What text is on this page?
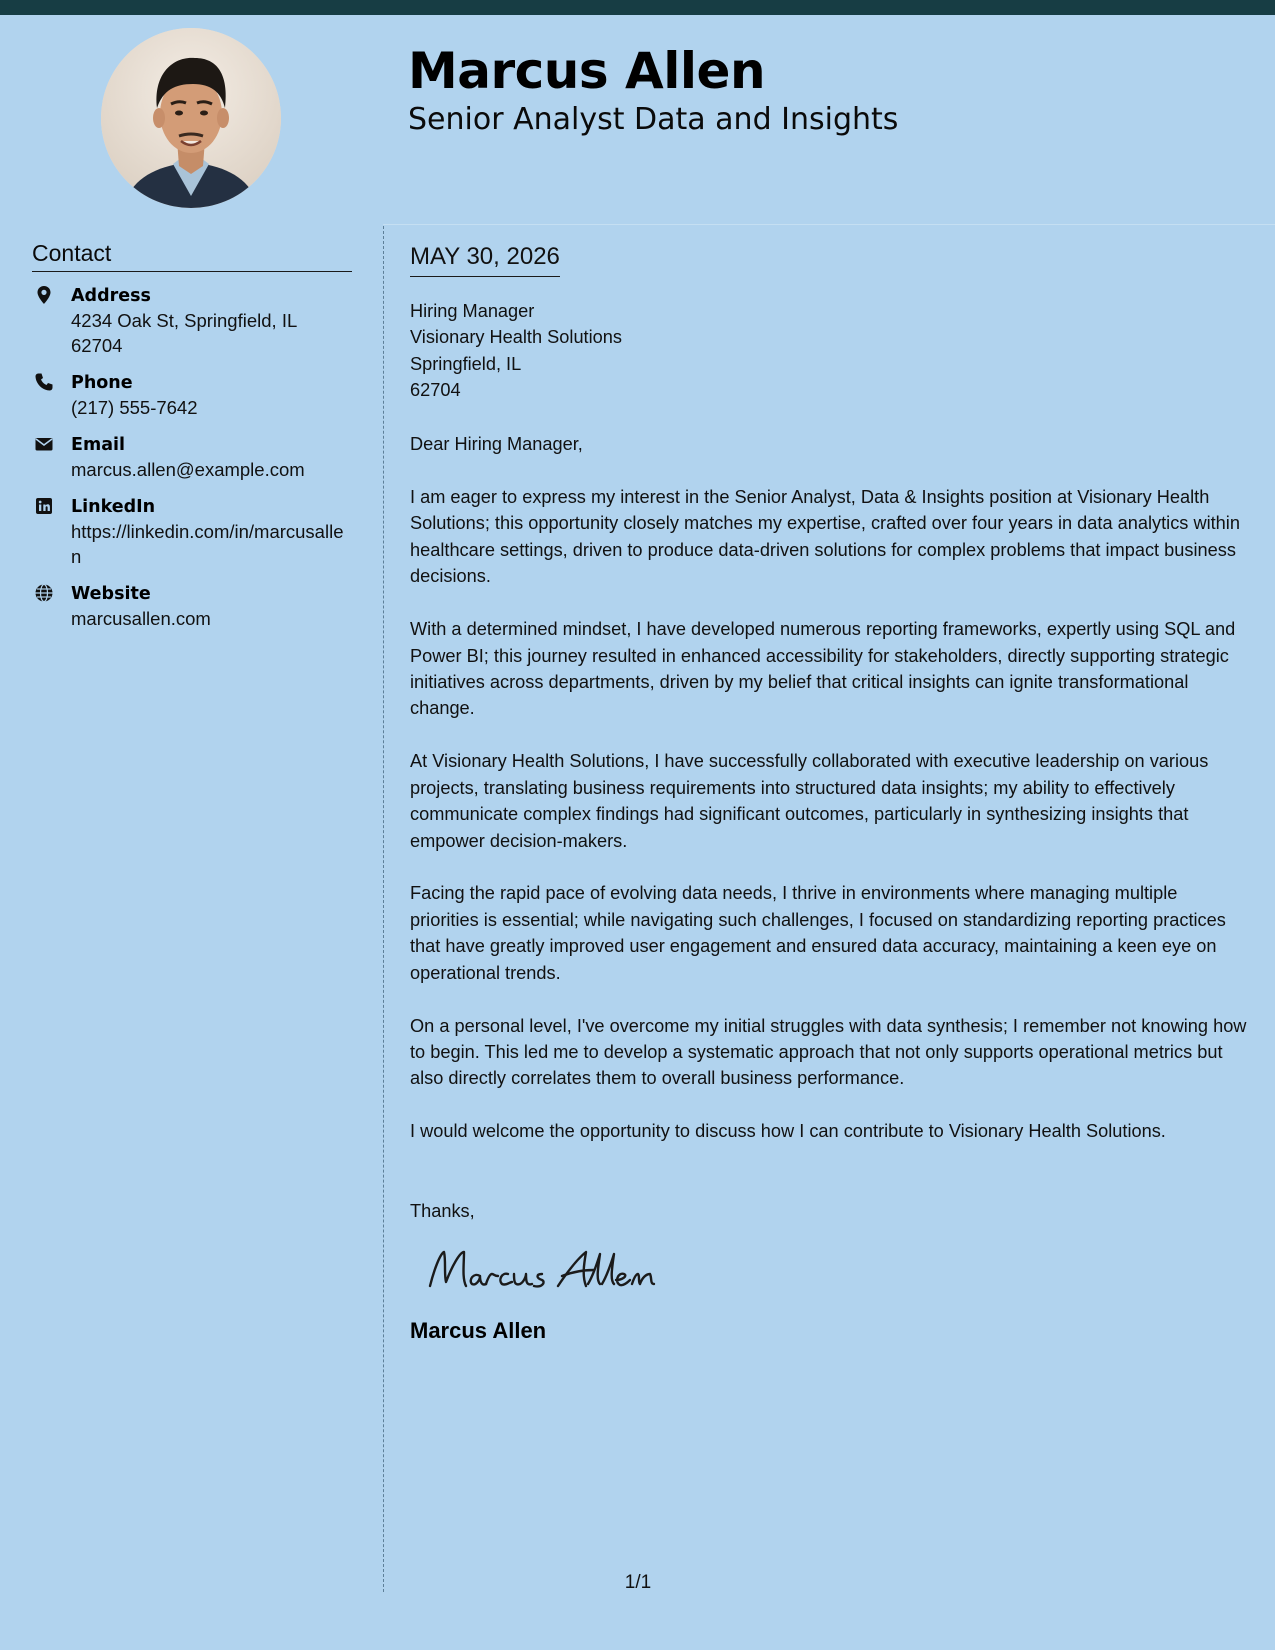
Marcus Allen
Senior Analyst Data and Insights
Contact
Address
4234 Oak St, Springfield, IL 62704
Phone
(217) 555-7642
Email
marcus.allen@example.com
LinkedIn
https://linkedin.com/in/marcusallen
Website
marcusallen.com
MAY 30, 2026
Hiring Manager
Visionary Health Solutions
Springfield, IL
62704
Dear Hiring Manager,

I am eager to express my interest in the Senior Analyst, Data & Insights position at Visionary Health Solutions; this opportunity closely matches my expertise, crafted over four years in data analytics within healthcare settings, driven to produce data-driven solutions for complex problems that impact business decisions.

With a determined mindset, I have developed numerous reporting frameworks, expertly using SQL and Power BI; this journey resulted in enhanced accessibility for stakeholders, directly supporting strategic initiatives across departments, driven by my belief that critical insights can ignite transformational change.

At Visionary Health Solutions, I have successfully collaborated with executive leadership on various projects, translating business requirements into structured data insights; my ability to effectively communicate complex findings had significant outcomes, particularly in synthesizing insights that empower decision-makers.

Facing the rapid pace of evolving data needs, I thrive in environments where managing multiple priorities is essential; while navigating such challenges, I focused on standardizing reporting practices that have greatly improved user engagement and ensured data accuracy, maintaining a keen eye on operational trends.

On a personal level, I've overcome my initial struggles with data synthesis; I remember not knowing how to begin. This led me to develop a systematic approach that not only supports operational metrics but also directly correlates them to overall business performance.

I would welcome the opportunity to discuss how I can contribute to Visionary Health Solutions.

Thanks,
Marcus Allen
1/1
